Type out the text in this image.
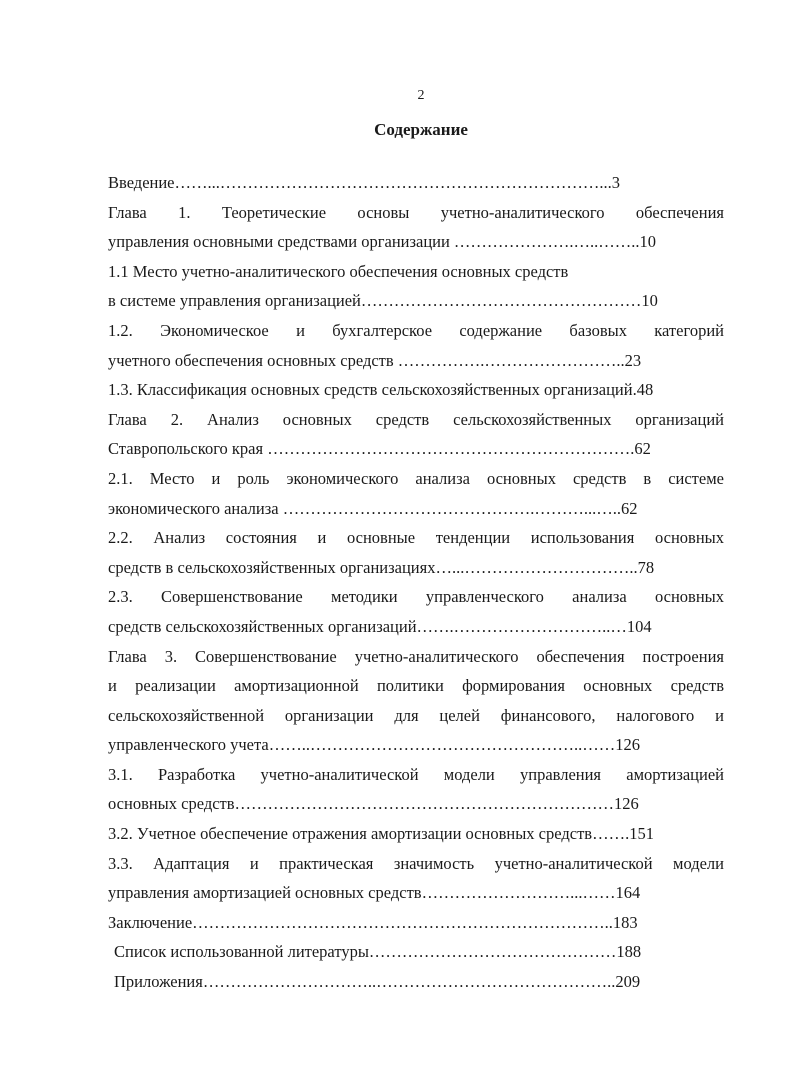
2
Содержание
Введение……...……………………………………………………………...3
Глава 1. Теоретические основы учетно-аналитического обеспечения
управления основными средствами организации ………………….…..……..10
1.1 Место учетно-аналитического обеспечения основных средств
в системе управления организацией……………………………………………10
1.2. Экономическое и бухгалтерское содержание базовых категорий
учетного обеспечения основных средств …………….……………………..23
1.3. Классификация основных средств сельскохозяйственных организаций.48
Глава 2. Анализ основных средств сельскохозяйственных организаций
Ставропольского края ………………………………………………………….62
2.1. Место и роль экономического анализа основных средств в системе
экономического анализа ……………………………………….………...…..62
2.2. Анализ состояния и основные тенденции использования основных
средств в сельскохозяйственных организациях…...…………………………..78
2.3. Совершенствование методики управленческого анализа основных
средств сельскохозяйственных организаций…….………………………..…104
Глава 3. Совершенствование учетно-аналитического обеспечения построения
и реализации амортизационной политики формирования основных средств
сельскохозяйственной организации для целей финансового, налогового и
управленческого учета……..…………………………………………..……126
3.1. Разработка учетно-аналитической модели управления амортизацией
основных средств……………………………………………………………126
3.2. Учетное обеспечение отражения амортизации основных средств…….151
3.3. Адаптация и практическая значимость учетно-аналитической модели
управления амортизацией основных средств………………………...……164
Заключение…………………………………………………………………..183
Список использованной литературы………………………………………188
Приложения…………………………..……………………………………..209
